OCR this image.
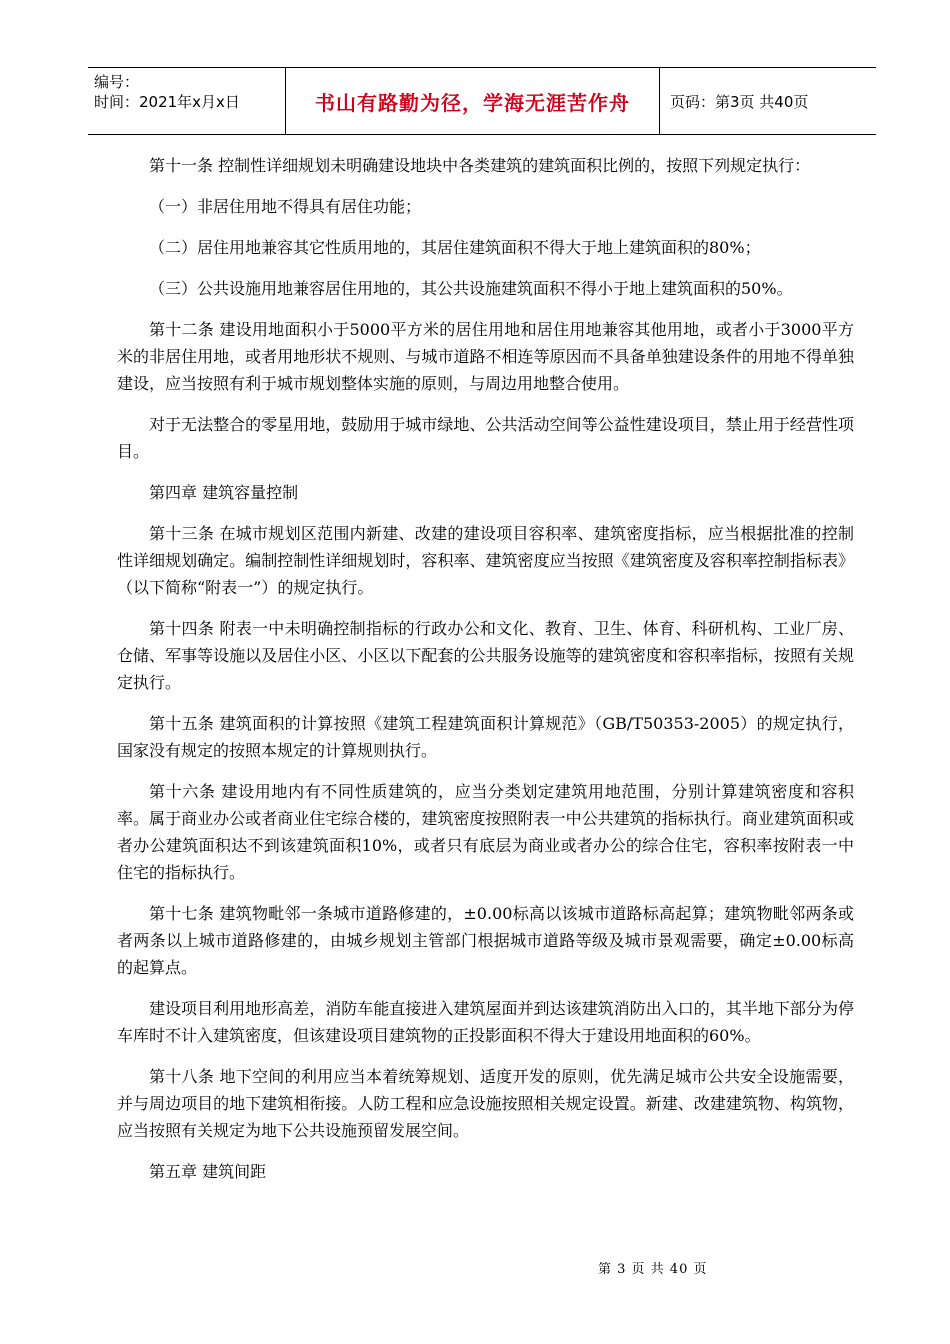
编号：
时间：2021年x月x日	书山有路勤为径，学海无涯苦作舟	页码：第3页 共40页

第十一条 控制性详细规划未明确建设地块中各类建筑的建筑面积比例的，按照下列规定执行：

（一）非居住用地不得具有居住功能；

（二）居住用地兼容其它性质用地的，其居住建筑面积不得大于地上建筑面积的80%；

（三）公共设施用地兼容居住用地的，其公共设施建筑面积不得小于地上建筑面积的50%。

第十二条 建设用地面积小于5000平方米的居住用地和居住用地兼容其他用地，或者小于3000平方米的非居住用地，或者用地形状不规则、与城市道路不相连等原因而不具备单独建设条件的用地不得单独建设，应当按照有利于城市规划整体实施的原则，与周边用地整合使用。

对于无法整合的零星用地，鼓励用于城市绿地、公共活动空间等公益性建设项目，禁止用于经营性项目。

第四章 建筑容量控制

第十三条 在城市规划区范围内新建、改建的建设项目容积率、建筑密度指标，应当根据批准的控制性详细规划确定。编制控制性详细规划时，容积率、建筑密度应当按照《建筑密度及容积率控制指标表》（以下简称“附表一”）的规定执行。

第十四条 附表一中未明确控制指标的行政办公和文化、教育、卫生、体育、科研机构、工业厂房、仓储、军事等设施以及居住小区、小区以下配套的公共服务设施等的建筑密度和容积率指标，按照有关规定执行。

第十五条 建筑面积的计算按照《建筑工程建筑面积计算规范》（GB/T50353-2005）的规定执行，国家没有规定的按照本规定的计算规则执行。

第十六条 建设用地内有不同性质建筑的，应当分类划定建筑用地范围，分别计算建筑密度和容积率。属于商业办公或者商业住宅综合楼的，建筑密度按照附表一中公共建筑的指标执行。商业建筑面积或者办公建筑面积达不到该建筑面积10%，或者只有底层为商业或者办公的综合住宅，容积率按附表一中住宅的指标执行。

第十七条 建筑物毗邻一条城市道路修建的，±0.00标高以该城市道路标高起算；建筑物毗邻两条或者两条以上城市道路修建的，由城乡规划主管部门根据城市道路等级及城市景观需要，确定±0.00标高的起算点。

建设项目利用地形高差，消防车能直接进入建筑屋面并到达该建筑消防出入口的，其半地下部分为停车库时不计入建筑密度，但该建设项目建筑物的正投影面积不得大于建设用地面积的60%。

第十八条 地下空间的利用应当本着统筹规划、适度开发的原则，优先满足城市公共安全设施需要，并与周边项目的地下建筑相衔接。人防工程和应急设施按照相关规定设置。新建、改建建筑物、构筑物，应当按照有关规定为地下公共设施预留发展空间。

第五章 建筑间距

第 3 页 共 40 页
